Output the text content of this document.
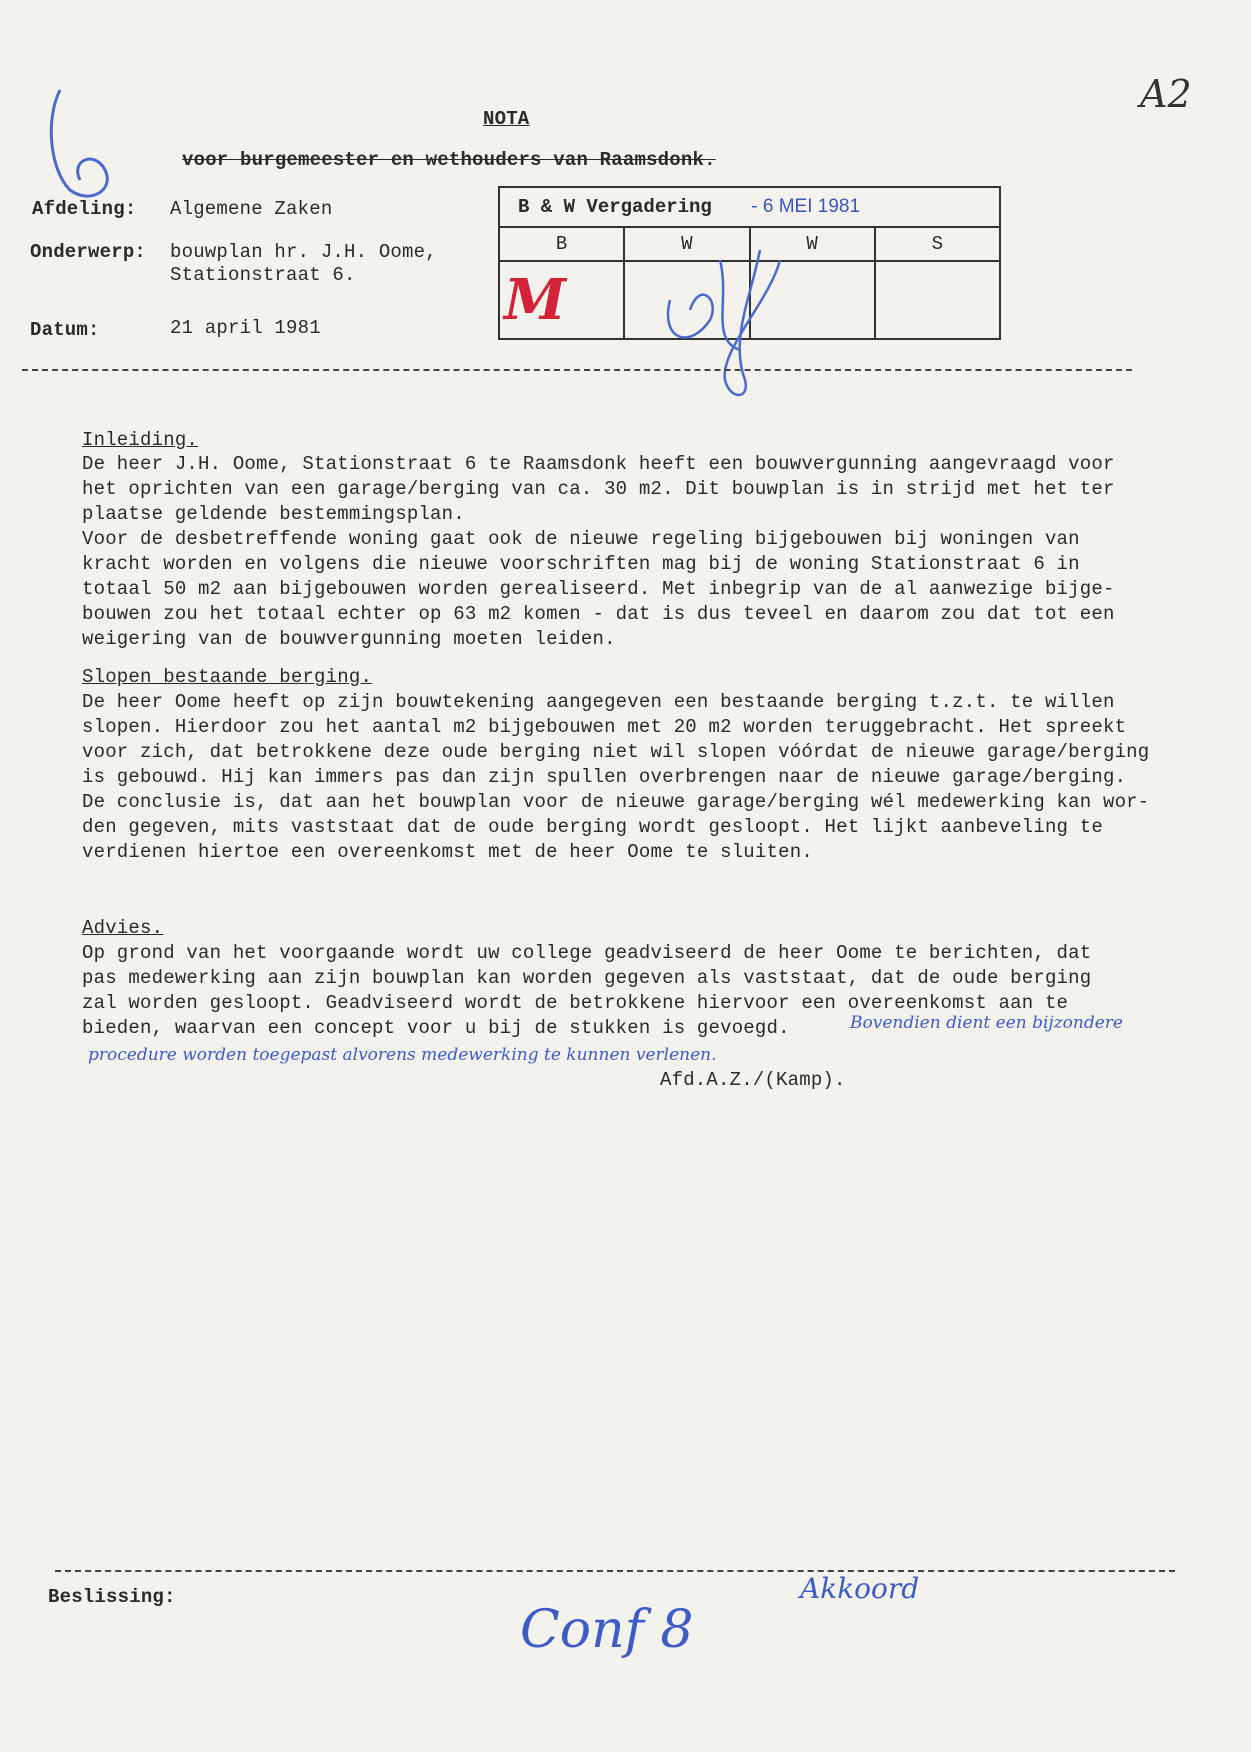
A2
NOTA
voor burgemeester en wethouders van Raamsdonk.
Afdeling: Algemene Zaken
Onderwerp: bouwplan hr. J.H. Oome,
Stationstraat 6.
Datum:	21 april 1981
B & W Vergadering - 6 MEI 1981			
B	W	W	S
M			
Inleiding.
De heer J.H. Oome, Stationstraat 6 te Raamsdonk heeft een bouwvergunning aangevraagd voor
het oprichten van een garage/berging van ca. 30 m2. Dit bouwplan is in strijd met het ter
plaatse geldende bestemmingsplan.
Voor de desbetreffende woning gaat ook de nieuwe regeling bijgebouwen bij woningen van
kracht worden en volgens die nieuwe voorschriften mag bij de woning Stationstraat 6 in
totaal 50 m2 aan bijgebouwen worden gerealiseerd. Met inbegrip van de al aanwezige bijge-
bouwen zou het totaal echter op 63 m2 komen - dat is dus teveel en daarom zou dat tot een
weigering van de bouwvergunning moeten leiden.
Slopen bestaande berging.
De heer Oome heeft op zijn bouwtekening aangegeven een bestaande berging t.z.t. te willen
slopen. Hierdoor zou het aantal m2 bijgebouwen met 20 m2 worden teruggebracht. Het spreekt
voor zich, dat betrokkene deze oude berging niet wil slopen vóórdat de nieuwe garage/berging
is gebouwd. Hij kan immers pas dan zijn spullen overbrengen naar de nieuwe garage/berging.
De conclusie is, dat aan het bouwplan voor de nieuwe garage/berging wél medewerking kan wor-
den gegeven, mits vaststaat dat de oude berging wordt gesloopt. Het lijkt aanbeveling te
verdienen hiertoe een overeenkomst met de heer Oome te sluiten.
Advies.
Op grond van het voorgaande wordt uw college geadviseerd de heer Oome te berichten, dat
pas medewerking aan zijn bouwplan kan worden gegeven als vaststaat, dat de oude berging
zal worden gesloopt. Geadviseerd wordt de betrokkene hiervoor een overeenkomst aan te
bieden, waarvan een concept voor u bij de stukken is gevoegd.	Bovendien dient een bijzondere
procedure worden toegepast alvorens medewerking te kunnen verlenen.
Afd.A.Z./(Kamp).
Beslissing:
Conf 8
Akkoord
